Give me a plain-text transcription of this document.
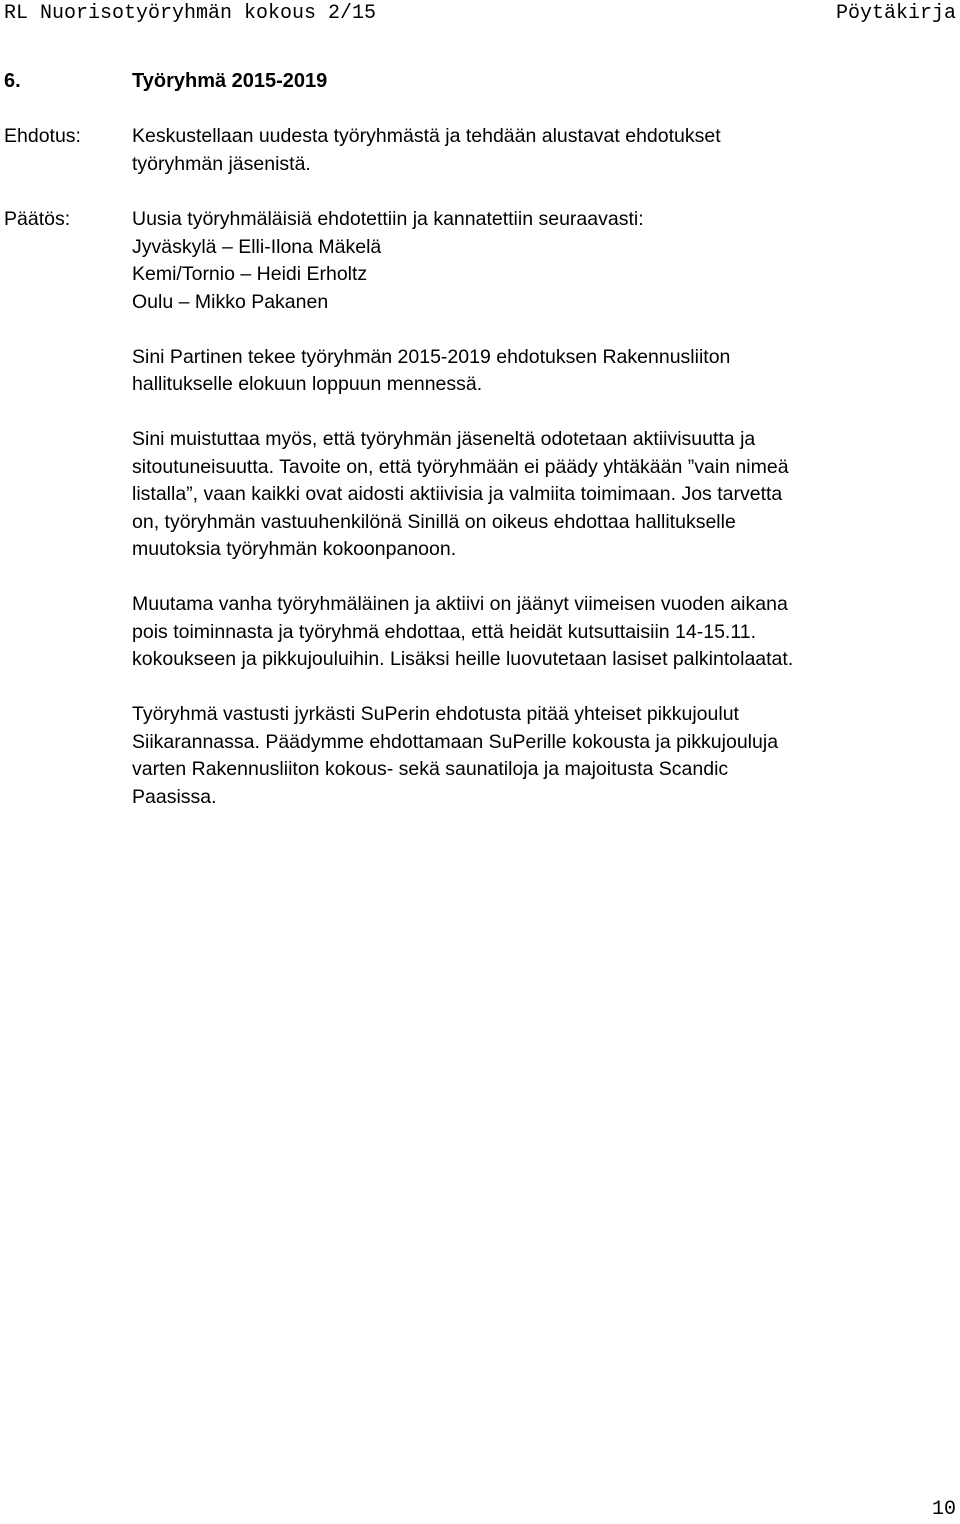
RL Nuorisotyöryhmän kokous 2/15	Pöytäkirja
6.	Työryhmä 2015-2019
Ehdotus:	Keskustellaan uudesta työryhmästä ja tehdään alustavat ehdotukset
työryhmän jäsenistä.
Päätös:	Uusia työryhmäläisiä ehdotettiin ja kannatettiin seuraavasti:
Jyväskylä – Elli-Ilona Mäkelä
Kemi/Tornio – Heidi Erholtz
Oulu – Mikko Pakanen
Sini Partinen tekee työryhmän 2015-2019 ehdotuksen Rakennusliiton
hallitukselle elokuun loppuun mennessä.
Sini muistuttaa myös, että työryhmän jäseneltä odotetaan aktiivisuutta ja
sitoutuneisuutta. Tavoite on, että työryhmään ei päädy yhtäkään ”vain nimeä
listalla”, vaan kaikki ovat aidosti aktiivisia ja valmiita toimimaan. Jos tarvetta
on, työryhmän vastuuhenkilönä Sinillä on oikeus ehdottaa hallitukselle
muutoksia työryhmän kokoonpanoon.
Muutama vanha työryhmäläinen ja aktiivi on jäänyt viimeisen vuoden aikana
pois toiminnasta ja työryhmä ehdottaa, että heidät kutsuttaisiin 14-15.11.
kokoukseen ja pikkujouluihin. Lisäksi heille luovutetaan lasiset palkintolaatat.
Työryhmä vastusti jyrkästi SuPerin ehdotusta pitää yhteiset pikkujoulut
Siikarannassa. Päädymme ehdottamaan SuPerille kokousta ja pikkujouluja
varten Rakennusliiton kokous- sekä saunatiloja ja majoitusta Scandic
Paasissa.
10
